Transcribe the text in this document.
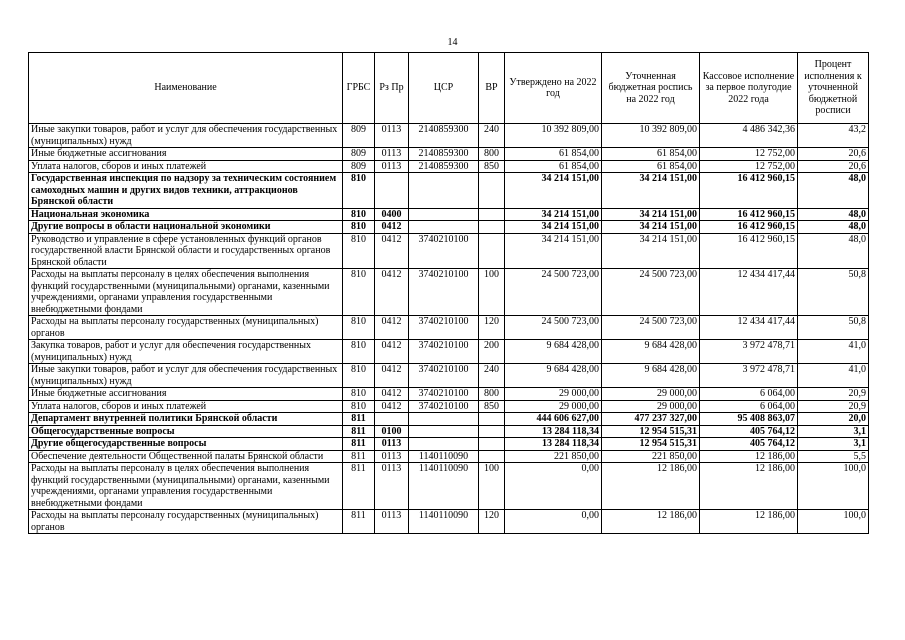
14
Наименование	ГРБС	Рз Пр	ЦСР	ВР	Утверждено на 2022 год	Уточненная бюджетная роспись на 2022 год	Кассовое исполнение за первое полугодие 2022 года	Процент исполнения к уточненной бюджетной росписи
Иные закупки товаров, работ и услуг для обеспечения государственных (муниципальных) нужд	809	0113	2140859300	240	10 392 809,00	10 392 809,00	4 486 342,36	43,2
Иные бюджетные ассигнования	809	0113	2140859300	800	61 854,00	61 854,00	12 752,00	20,6
Уплата налогов, сборов и иных платежей	809	0113	2140859300	850	61 854,00	61 854,00	12 752,00	20,6
Государственная инспекция по надзору за техническим состоянием самоходных машин и других видов техники, аттракционов Брянской области	810				34 214 151,00	34 214 151,00	16 412 960,15	48,0
Национальная экономика	810	0400			34 214 151,00	34 214 151,00	16 412 960,15	48,0
Другие вопросы в области национальной экономики	810	0412			34 214 151,00	34 214 151,00	16 412 960,15	48,0
Руководство и управление в сфере установленных функций органов государственной власти Брянской области и государственных органов Брянской области	810	0412	3740210100		34 214 151,00	34 214 151,00	16 412 960,15	48,0
Расходы на выплаты персоналу в целях обеспечения выполнения функций государственными (муниципальными) органами, казенными учреждениями, органами управления государственными внебюджетными фондами	810	0412	3740210100	100	24 500 723,00	24 500 723,00	12 434 417,44	50,8
Расходы на выплаты персоналу государственных (муниципальных) органов	810	0412	3740210100	120	24 500 723,00	24 500 723,00	12 434 417,44	50,8
Закупка товаров, работ и услуг для обеспечения государственных (муниципальных) нужд	810	0412	3740210100	200	9 684 428,00	9 684 428,00	3 972 478,71	41,0
Иные закупки товаров, работ и услуг для обеспечения государственных (муниципальных) нужд	810	0412	3740210100	240	9 684 428,00	9 684 428,00	3 972 478,71	41,0
Иные бюджетные ассигнования	810	0412	3740210100	800	29 000,00	29 000,00	6 064,00	20,9
Уплата налогов, сборов и иных платежей	810	0412	3740210100	850	29 000,00	29 000,00	6 064,00	20,9
Департамент внутренней политики Брянской области	811				444 606 627,00	477 237 327,00	95 408 863,07	20,0
Общегосударственные вопросы	811	0100			13 284 118,34	12 954 515,31	405 764,12	3,1
Другие общегосударственные вопросы	811	0113			13 284 118,34	12 954 515,31	405 764,12	3,1
Обеспечение деятельности Общественной палаты Брянской области	811	0113	1140110090		221 850,00	221 850,00	12 186,00	5,5
Расходы на выплаты персоналу в целях обеспечения выполнения функций государственными (муниципальными) органами, казенными учреждениями, органами управления государственными внебюджетными фондами	811	0113	1140110090	100	0,00	12 186,00	12 186,00	100,0
Расходы на выплаты персоналу государственных (муниципальных) органов	811	0113	1140110090	120	0,00	12 186,00	12 186,00	100,0
